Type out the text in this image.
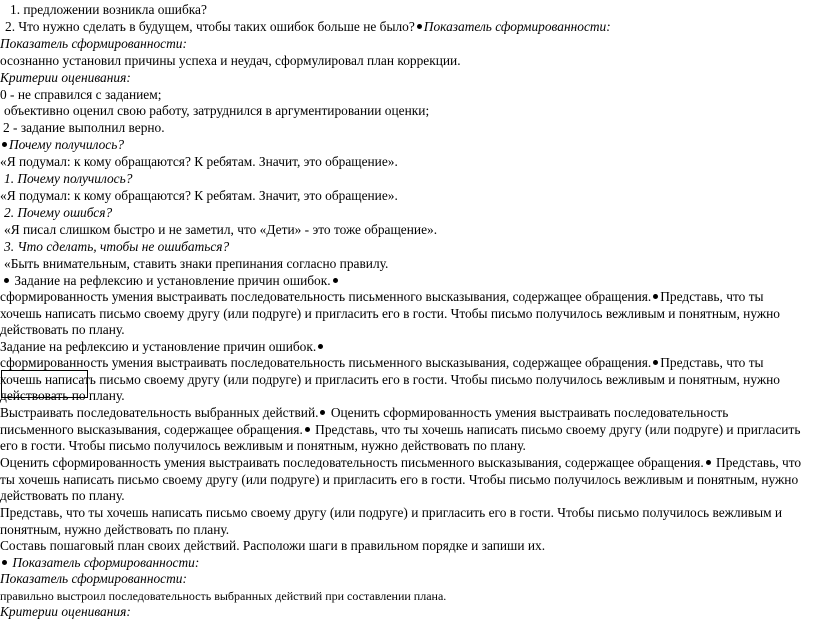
1. предложении возникла ошибка?
2. Что нужно сделать в будущем, чтобы таких ошибок больше не было? Показатель сформированности:
Показатель сформированности:
осознанно установил причины успеха и неудач, сформулировал план коррекции.
Критерии оценивания:
0 - не справился с заданием;
объективно оценил свою работу, затруднился в аргументировании оценки;
2 - задание выполнил верно.
Почему получилось?
«Я подумал: к кому обращаются? К ребятам. Значит, это обращение».
1. Почему получилось?
«Я подумал: к кому обращаются? К ребятам. Значит, это обращение».
2. Почему ошибся?
«Я писал слишком быстро и не заметил, что «Дети» - это тоже обращение».
3. Что сделать, чтобы не ошибаться?
«Быть внимательным, ставить знаки препинания согласно правилу.
Задание на рефлексию и установление причин ошибок.
сформированность умения выстраивать последовательность письменного высказывания, содержащее обращения. Представь, что ты хочешь написать письмо своему другу (или подруге) и пригласить его в гости. Чтобы письмо получилось вежливым и понятным, нужно действовать по плану.
Задание на рефлексию и установление причин ошибок.
сформированность умения выстраивать последовательность письменного высказывания, содержащее обращения. Представь, что ты хочешь написать письмо своему другу (или подруге) и пригласить его в гости. Чтобы письмо получилось вежливым и понятным, нужно действовать по плану.
Выстраивать последовательность выбранных действий. Оценить сформированность умения выстраивать последовательность письменного высказывания, содержащее обращения. Представь, что ты хочешь написать письмо своему другу (или подруге) и пригласить его в гости. Чтобы письмо получилось вежливым и понятным, нужно действовать по плану.
Оценить сформированность умения выстраивать последовательность письменного высказывания, содержащее обращения. Представь, что ты хочешь написать письмо своему другу (или подруге) и пригласить его в гости. Чтобы письмо получилось вежливым и понятным, нужно действовать по плану.
Представь, что ты хочешь написать письмо своему другу (или подруге) и пригласить его в гости. Чтобы письмо получилось вежливым и понятным, нужно действовать по плану.
Составь пошаговый план своих действий. Расположи шаги в правильном порядке и запиши их.
Показатель сформированности:
Показатель сформированности:
правильно выстроил последовательность выбранных действий при составлении плана.
Критерии оценивания:
